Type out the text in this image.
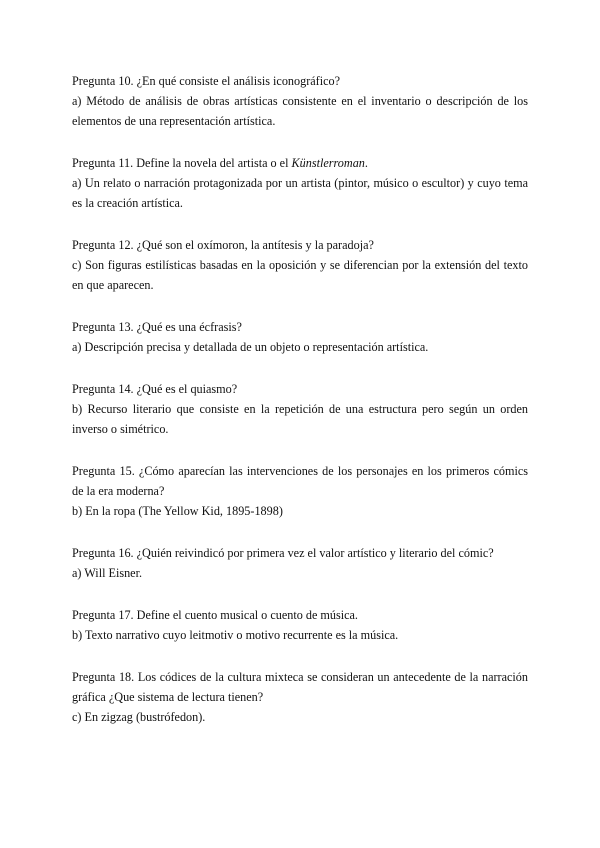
Pregunta 10. ¿En qué consiste el análisis iconográfico?

a) Método de análisis de obras artísticas consistente en el inventario o descripción de los elementos de una representación artística.

Pregunta 11. Define la novela del artista o el Künstlerroman.

a) Un relato o narración protagonizada por un artista (pintor, músico o escultor) y cuyo tema es la creación artística.

Pregunta 12. ¿Qué son el oxímoron, la antítesis y la paradoja?

c) Son figuras estilísticas basadas en la oposición y se diferencian por la extensión del texto en que aparecen.

Pregunta 13. ¿Qué es una écfrasis?

a) Descripción precisa y detallada de un objeto o representación artística.

Pregunta 14. ¿Qué es el quiasmo?

b) Recurso literario que consiste en la repetición de una estructura pero según un orden inverso o simétrico.

Pregunta 15. ¿Cómo aparecían las intervenciones de los personajes en los primeros cómics de la era moderna?

b) En la ropa (The Yellow Kid, 1895-1898)

Pregunta 16. ¿Quién reivindicó por primera vez el valor artístico y literario del cómic?

a) Will Eisner.

Pregunta 17. Define el cuento musical o cuento de música.

b) Texto narrativo cuyo leitmotiv o motivo recurrente es la música.

Pregunta 18. Los códices de la cultura mixteca se consideran un antecedente de la narración gráfica ¿Que sistema de lectura tienen?

c) En zigzag (bustrófedon).
